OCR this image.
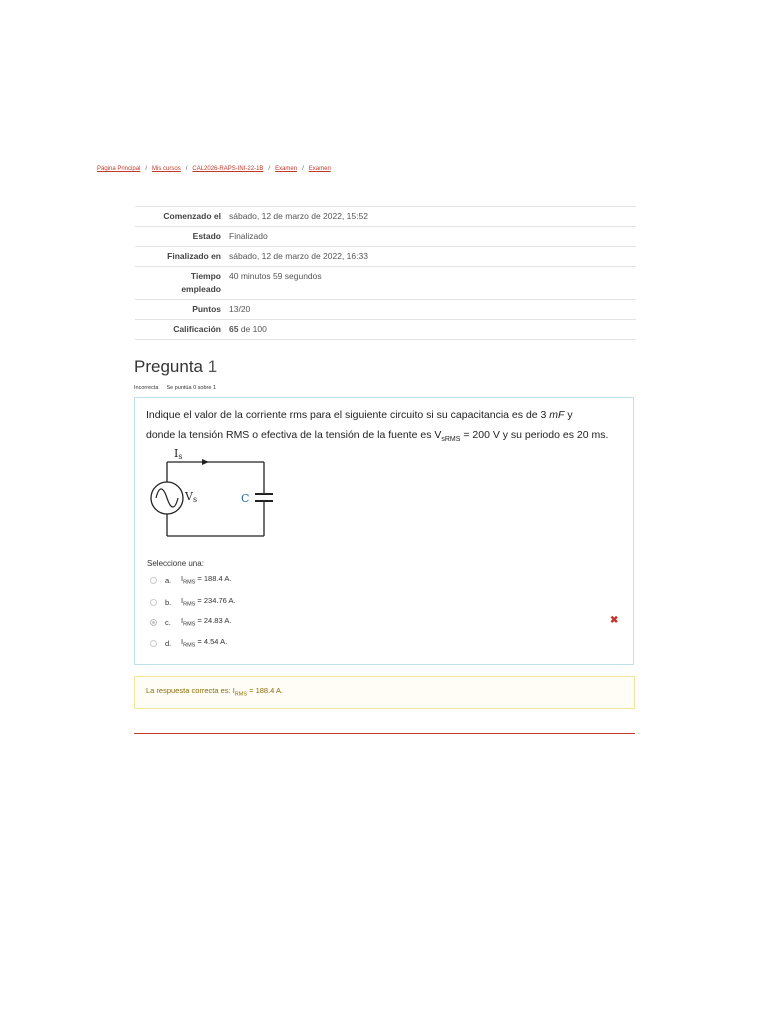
Página Principal / Mis cursos / CAL2026-RAPS-INI-22-1B / Examen / Examen
Comenzado el	sábado, 12 de marzo de 2022, 15:52
Estado	Finalizado
Finalizado en	sábado, 12 de marzo de 2022, 16:33
Tiempo
empleado	40 minutos 59 segundos
Puntos	13/20
Calificación	65 de 100
Pregunta 1
Incorrecta Se puntúa 0 sobre 1
Indique el valor de la corriente rms para el siguiente circuito si su capacitancia es de 3 mF y
donde la tensión RMS o efectiva de la tensión de la fuente es $V_{sRMS} = 200$ V y su periodo es 20 ms.
Is
Vs	C
Seleccione una:
a.	$I_{RMS} = 188.4$ A.
b.	$I_{RMS} = 234.76$ A.
c.	$I_{RMS} = 24.83$ A.
d.	$I_{RMS} = 4.54$ A.
✖
La respuesta correcta es: $I_{RMS} = 188.4$ A.
